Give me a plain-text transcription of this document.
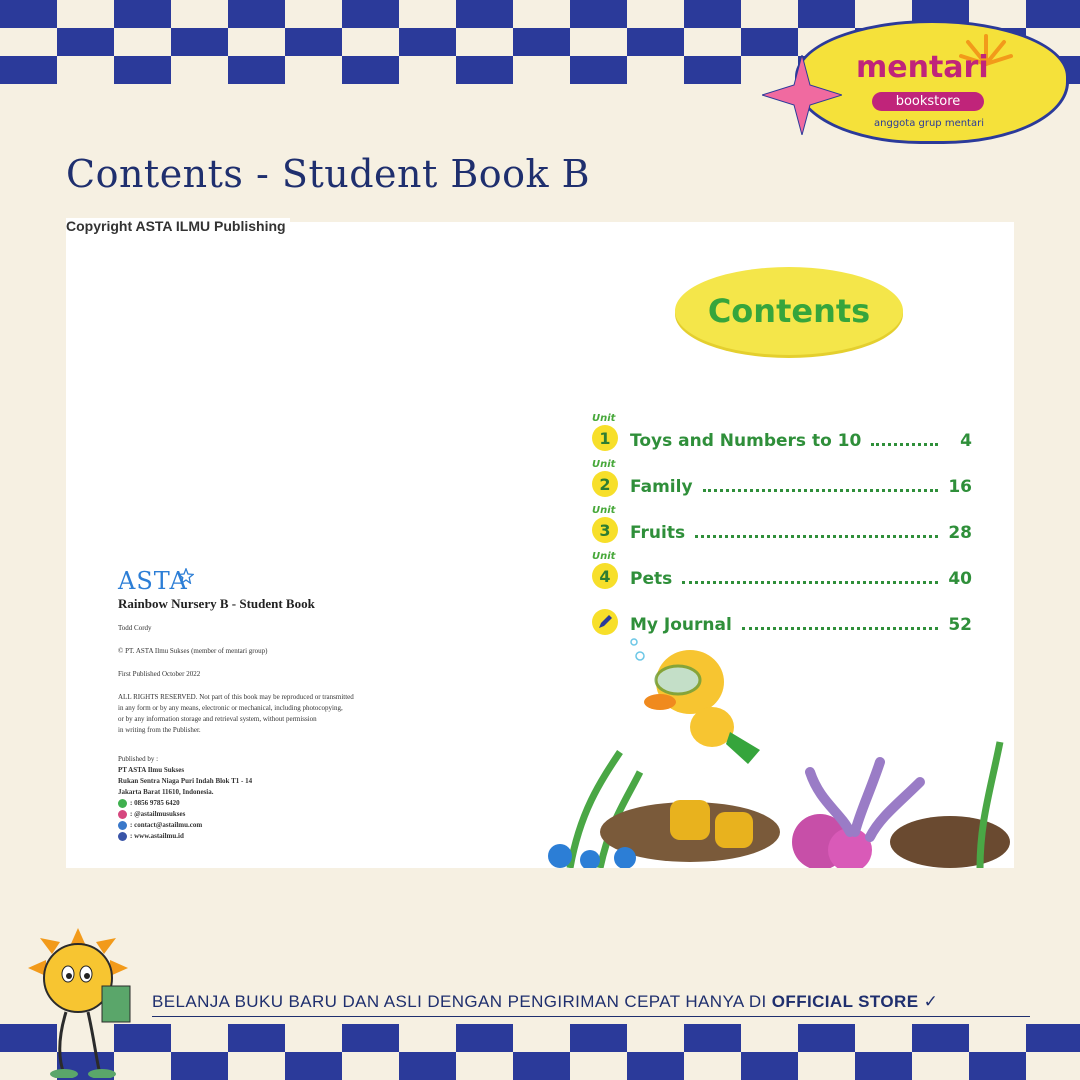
Contents - Student Book B
mentari
bookstore
anggota grup mentari
Copyright ASTA ILMU Publishing
ASTA
Rainbow Nursery B - Student Book
Todd Cordy
© PT. ASTA Ilmu Sukses (member of mentari group)
First Published October 2022
ALL RIGHTS RESERVED. Not part of this book may be reproduced or transmitted
in any form or by any means, electronic or mechanical, including photocopying,
or by any information storage and retrieval system, without permission
in writing from the Publisher.
Published by :
PT ASTA Ilmu Sukses
Rukan Sentra Niaga Puri Indah Blok T1 - 14
Jakarta Barat 11610, Indonesia.
: 0856 9785 6420
: @astailmusukses
: contact@astailmu.com
: www.astailmu.id
Contents
Unit
1	Toys and Numbers to 10	4
Unit
2	Family	16
Unit
3	Fruits	28
Unit
4	Pets	40
My Journal	52
BELANJA BUKU BARU DAN ASLI DENGAN PENGIRIMAN CEPAT HANYA DI OFFICIAL STORE ✓
